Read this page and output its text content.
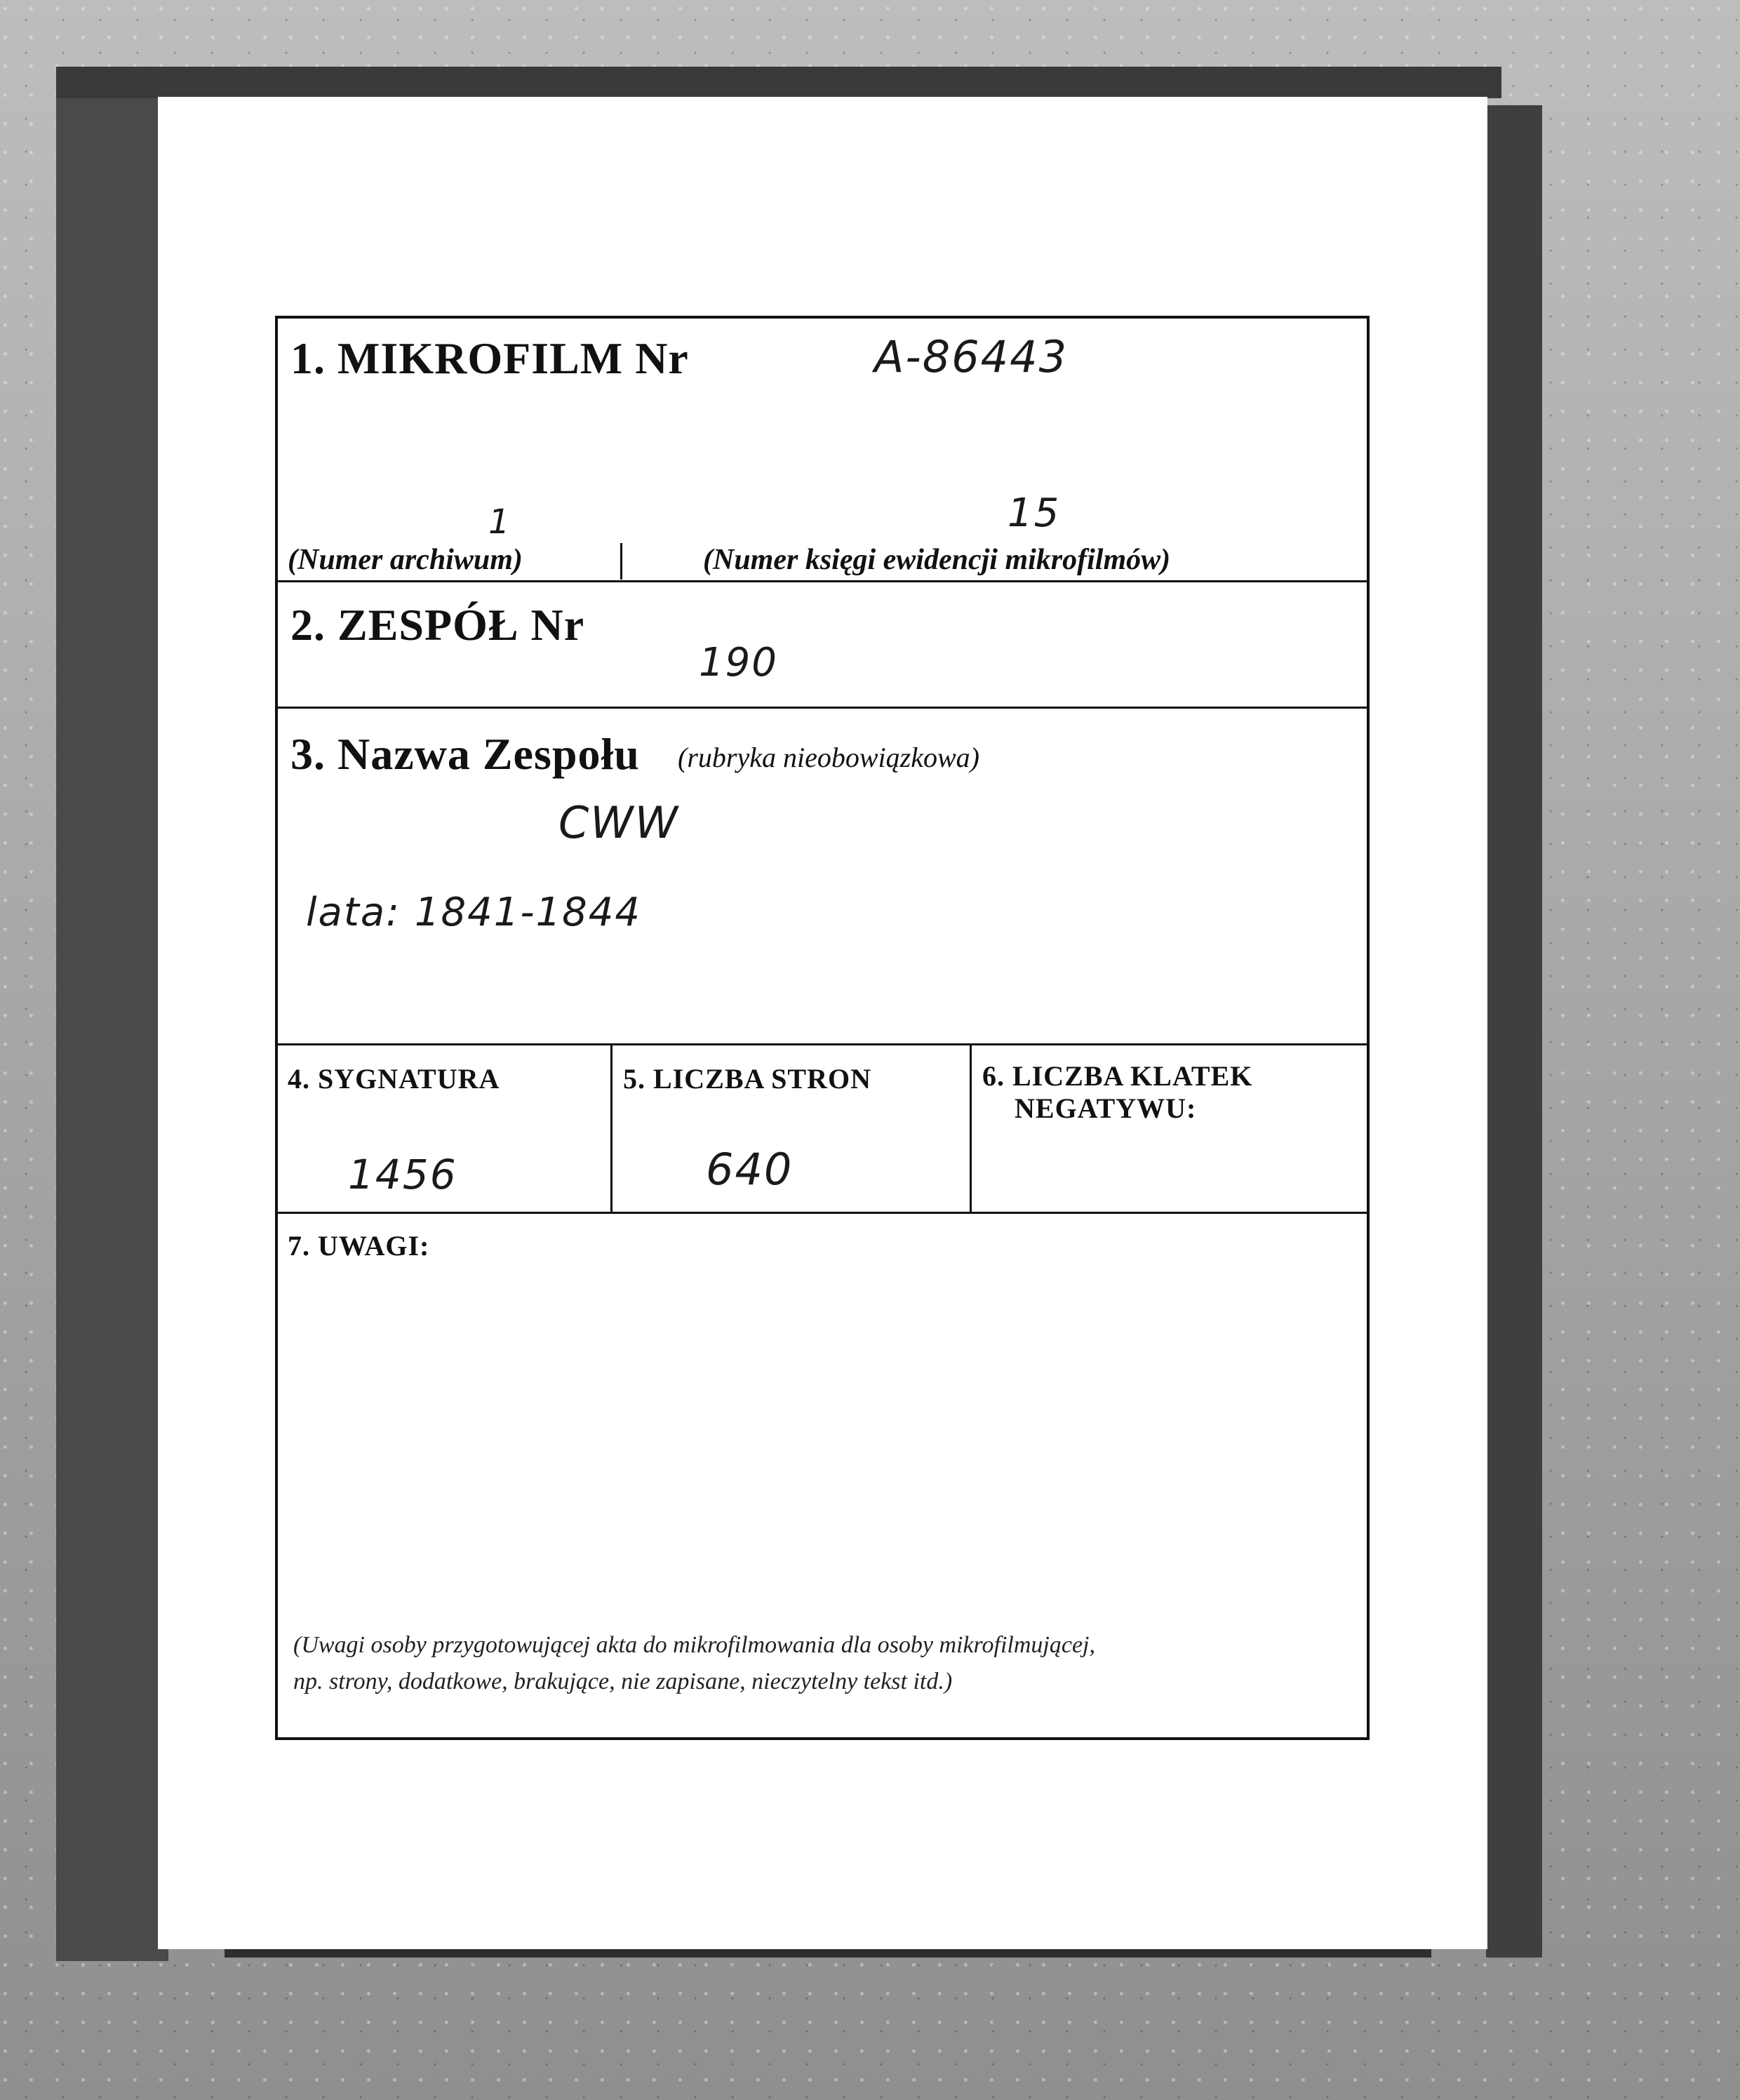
1. MIKROFILM Nr	A-86443
1	15
(Numer archiwum)	(Numer księgi ewidencji mikrofilmów)
2. ZESPÓŁ Nr
190
3. Nazwa Zespołu (rubryka nieobowiązkowa)
CWW
lata: 1841-1844
4. SYGNATURA
1456
5. LICZBA STRON
640
6. LICZBA KLATEK
NEGATYWU:
7. UWAGI:
(Uwagi osoby przygotowującej akta do mikrofilmowania dla osoby mikrofilmującej,
np. strony, dodatkowe, brakujące, nie zapisane, nieczytelny tekst itd.)
